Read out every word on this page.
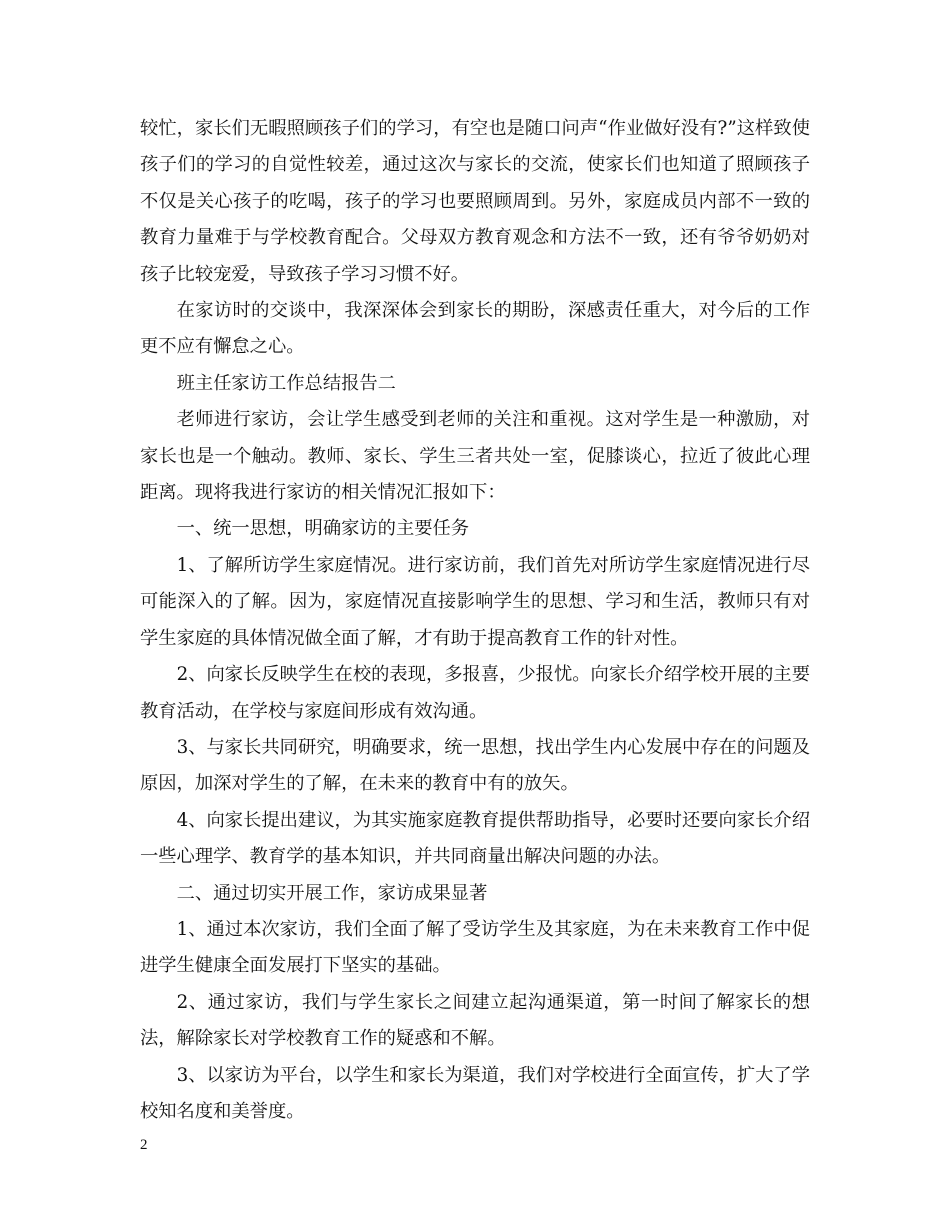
较忙，家长们无暇照顾孩子们的学习，有空也是随口问声“作业做好没有?”这样致使孩子们的学习的自觉性较差，通过这次与家长的交流，使家长们也知道了照顾孩子不仅是关心孩子的吃喝，孩子的学习也要照顾周到。另外，家庭成员内部不一致的教育力量难于与学校教育配合。父母双方教育观念和方法不一致，还有爷爷奶奶对孩子比较宠爱，导致孩子学习习惯不好。

在家访时的交谈中，我深深体会到家长的期盼，深感责任重大，对今后的工作更不应有懈怠之心。

班主任家访工作总结报告二

老师进行家访，会让学生感受到老师的关注和重视。这对学生是一种激励，对家长也是一个触动。教师、家长、学生三者共处一室，促膝谈心，拉近了彼此心理距离。现将我进行家访的相关情况汇报如下：

一、统一思想，明确家访的主要任务

1、了解所访学生家庭情况。进行家访前，我们首先对所访学生家庭情况进行尽可能深入的了解。因为，家庭情况直接影响学生的思想、学习和生活，教师只有对学生家庭的具体情况做全面了解，才有助于提高教育工作的针对性。

2、向家长反映学生在校的表现，多报喜，少报忧。向家长介绍学校开展的主要教育活动，在学校与家庭间形成有效沟通。

3、与家长共同研究，明确要求，统一思想，找出学生内心发展中存在的问题及原因，加深对学生的了解，在未来的教育中有的放矢。

4、向家长提出建议，为其实施家庭教育提供帮助指导，必要时还要向家长介绍一些心理学、教育学的基本知识，并共同商量出解决问题的办法。

二、通过切实开展工作，家访成果显著

1、通过本次家访，我们全面了解了受访学生及其家庭，为在未来教育工作中促进学生健康全面发展打下坚实的基础。

2、通过家访，我们与学生家长之间建立起沟通渠道，第一时间了解家长的想法，解除家长对学校教育工作的疑惑和不解。

3、以家访为平台，以学生和家长为渠道，我们对学校进行全面宣传，扩大了学校知名度和美誉度。

2
